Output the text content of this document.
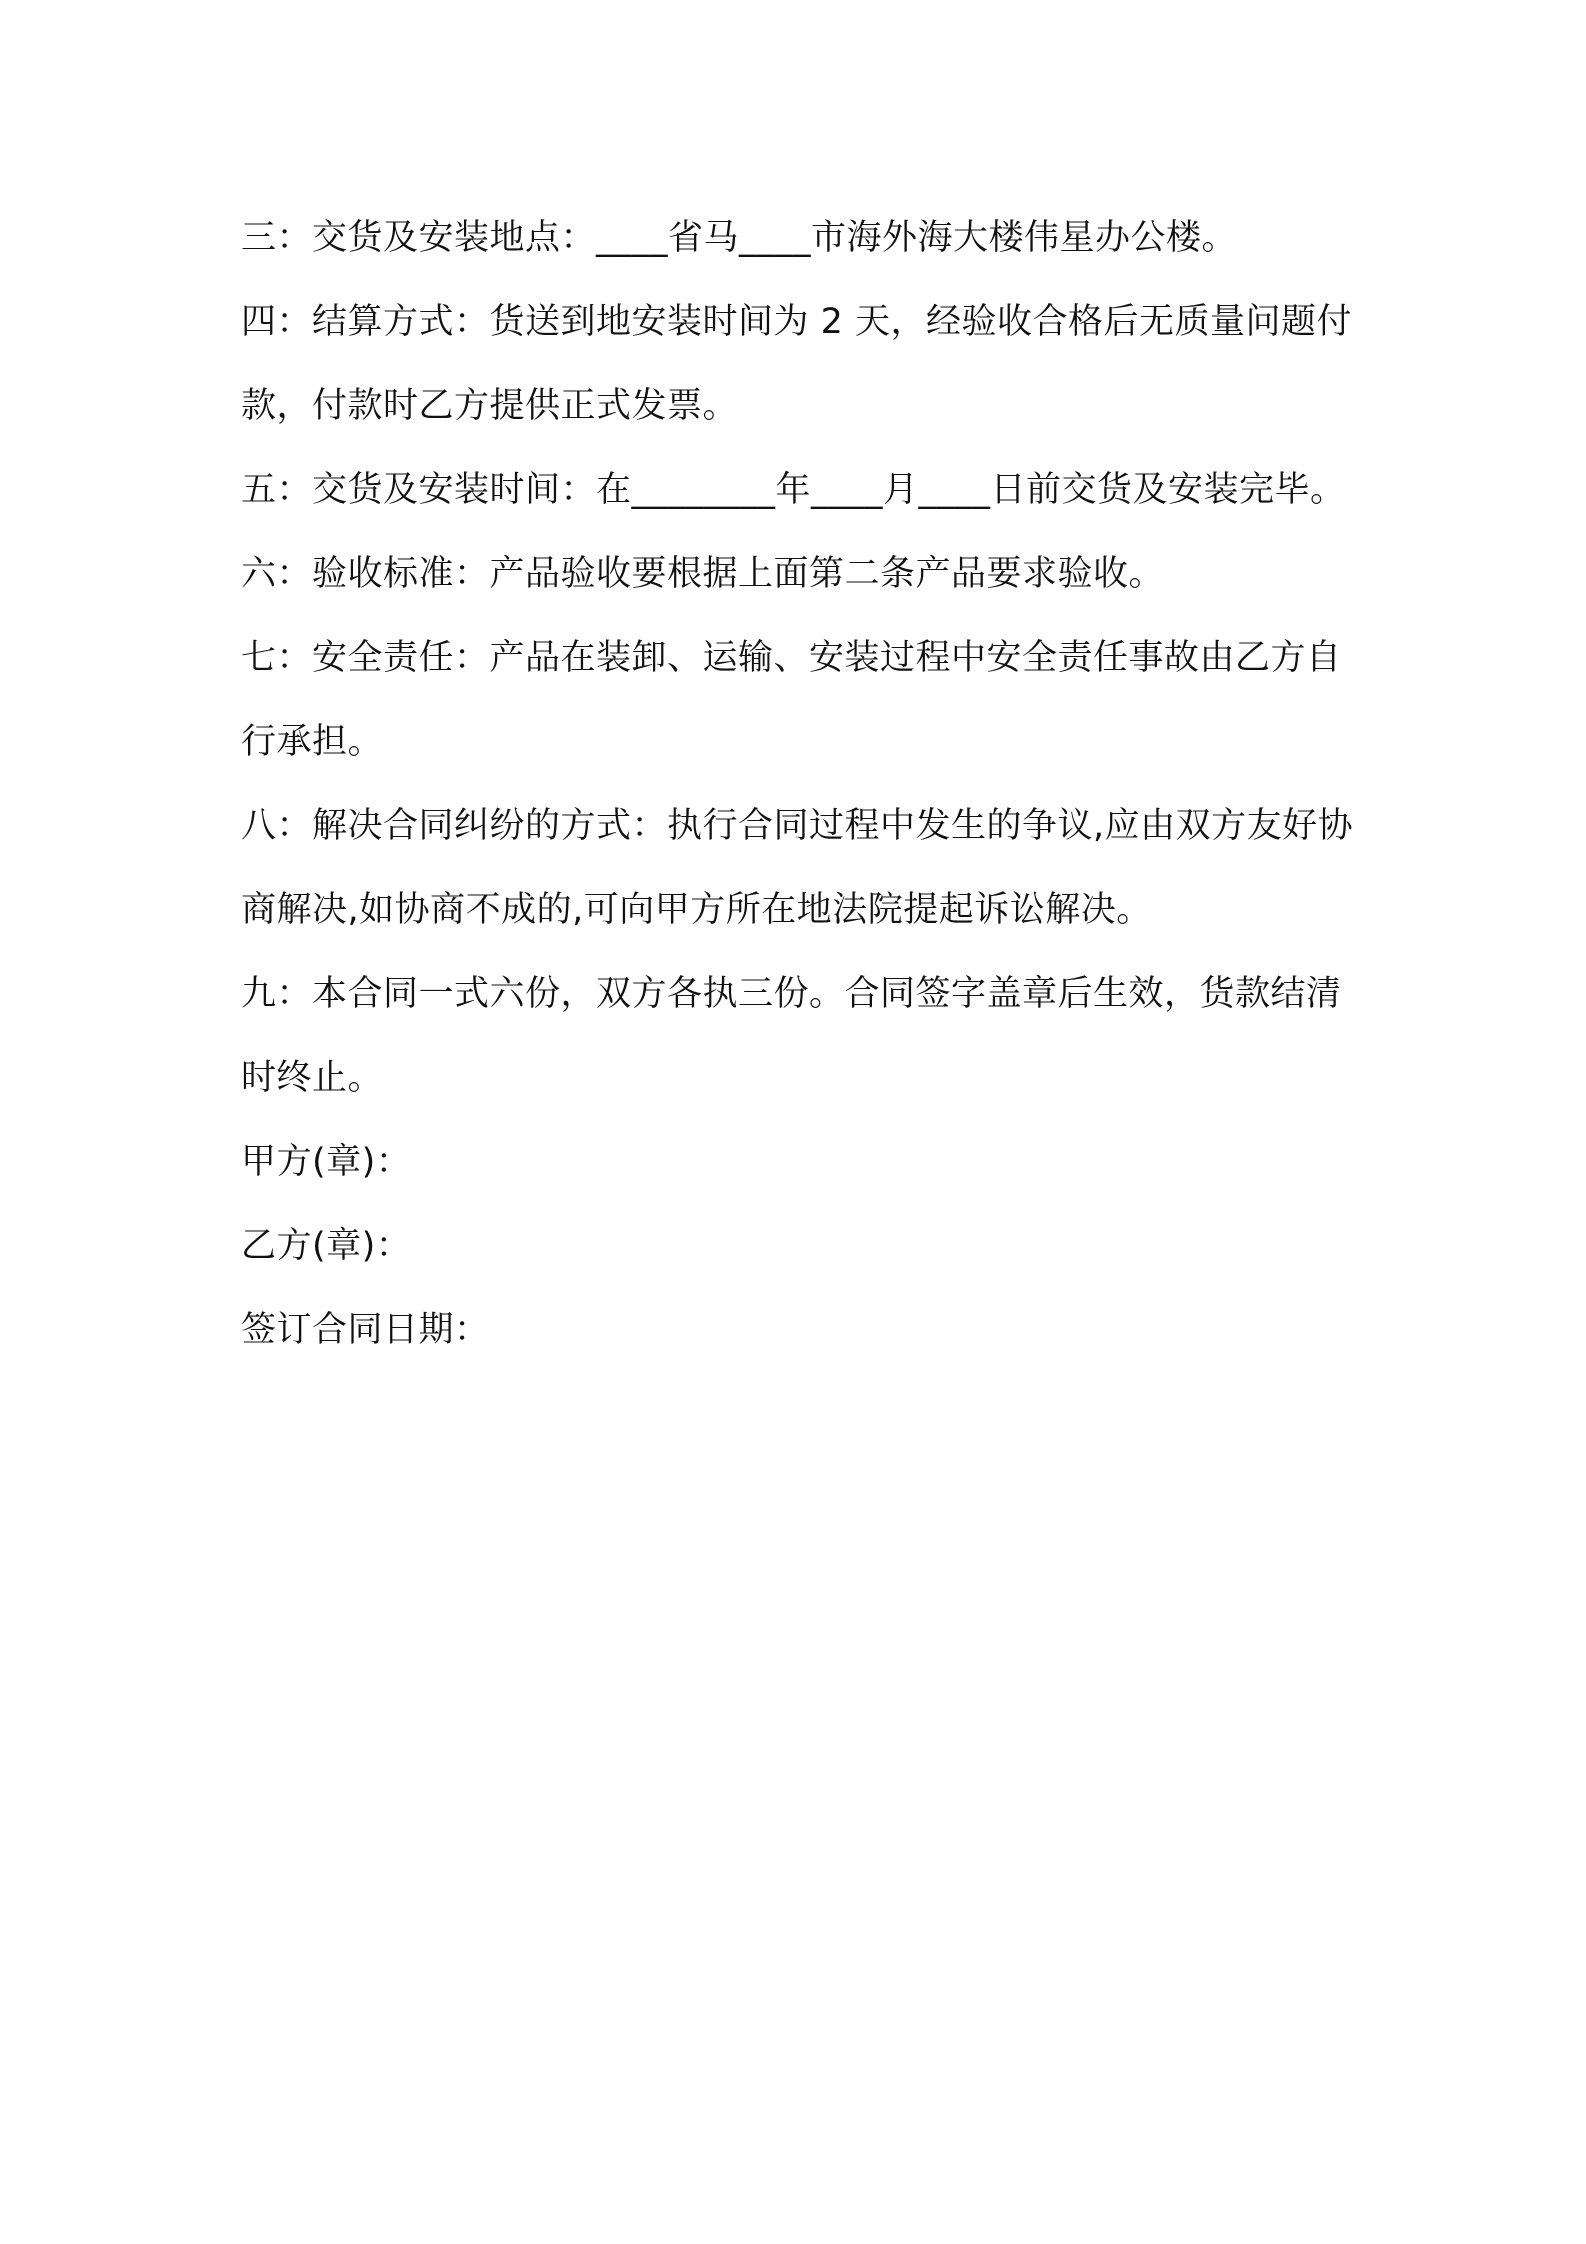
三：交货及安装地点：____省马____市海外海大楼伟星办公楼。

四：结算方式：货送到地安装时间为 2 天，经验收合格后无质量问题付款，付款时乙方提供正式发票。

五：交货及安装时间：在________年____月____日前交货及安装完毕。六：验收标准：产品验收要根据上面第二条产品要求验收。

七：安全责任：产品在装卸、运输、安装过程中安全责任事故由乙方自行承担。

八：解决合同纠纷的方式：执行合同过程中发生的争议,应由双方友好协商解决,如协商不成的,可向甲方所在地法院提起诉讼解决。

九：本合同一式六份，双方各执三份。合同签字盖章后生效，货款结清时终止。

甲方(章)：

乙方(章)：

签订合同日期：
